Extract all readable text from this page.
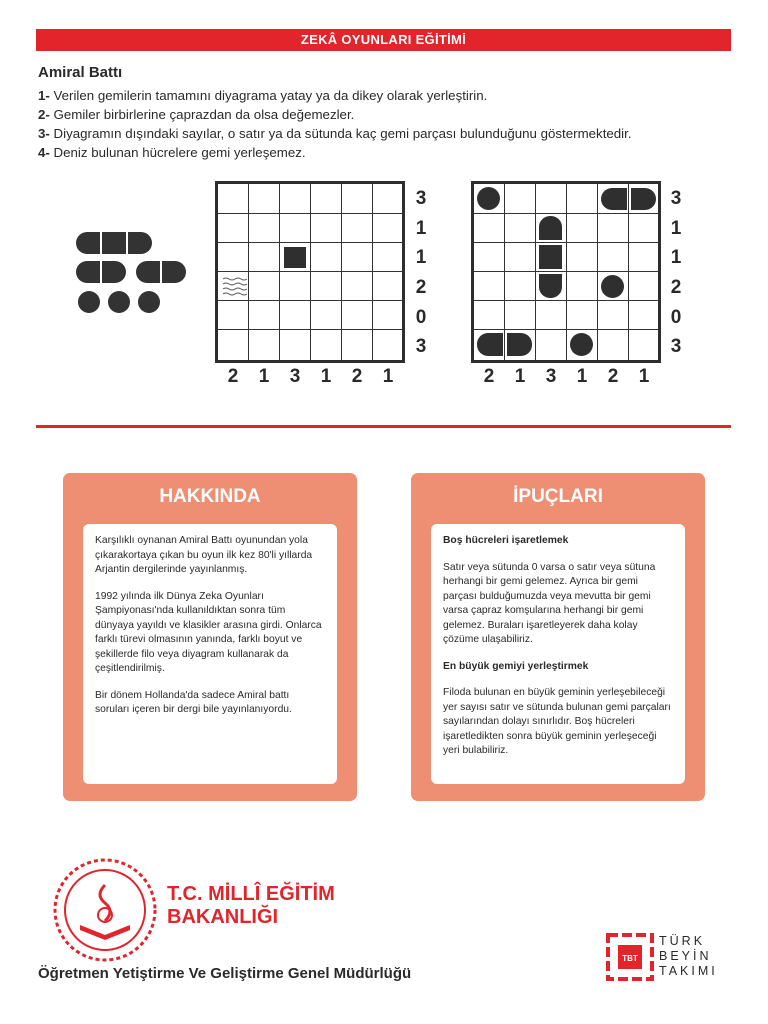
ZEKÂ OYUNLARI EĞİTİMİ
Amiral Battı
1- Verilen gemilerin tamamını diyagrama yatay ya da dikey olarak yerleştirin.
2- Gemiler birbirlerine çaprazdan da olsa değemezler.
3- Diyagramın dışındaki sayılar, o satır ya da sütunda kaç gemi parçası bulunduğunu göstermektedir.
4- Deniz bulunan hücrelere gemi yerleşemez.
3
1
1
2
0
3
2	1	3	1	2	1
3
1
1
2
0
3
2	1	3	1	2	1
HAKKINDA

Karşılıklı oynanan Amiral Battı oyunundan yola çıkarakortaya çıkan bu oyun ilk kez 80'li yıllarda Arjantin dergilerinde yayınlanmış.

1992 yılında ilk Dünya Zeka Oyunları Şampiyonası'nda kullanıldıktan sonra tüm dünyaya yayıldı ve klasikler arasına girdi. Onlarca farklı türevi olmasının yanında, farklı boyut ve şekillerde filo veya diyagram kullanarak da çeşitlendirilmiş.

Bir dönem Hollanda'da sadece Amiral battı soruları içeren bir dergi bile yayınlanıyordu.

İPUÇLARI
Boş hücreleri işaretlemek

Satır veya sütunda 0 varsa o satır veya sütuna herhangi bir gemi gelemez. Ayrıca bir gemi parçası bulduğumuzda veya mevutta bir gemi varsa çapraz komşularına herhangi bir gemi gelemez. Buraları işaretleyerek daha kolay çözüme ulaşabiliriz.

En büyük gemiyi yerleştirmek

Filoda bulunan en büyük geminin yerleşebileceği yer sayısı satır ve sütunda bulunan gemi parçaları sayılarından dolayı sınırlıdır. Boş hücreleri işaretledikten sonra büyük geminin yerleşeceği yeri bulabiliriz.

T.C. MİLLÎ EĞİTİM
BAKANLIĞI
Öğretmen Yetiştirme Ve Geliştirme Genel Müdürlüğü
TBT
TÜRK
BEYİN
TAKIMI
